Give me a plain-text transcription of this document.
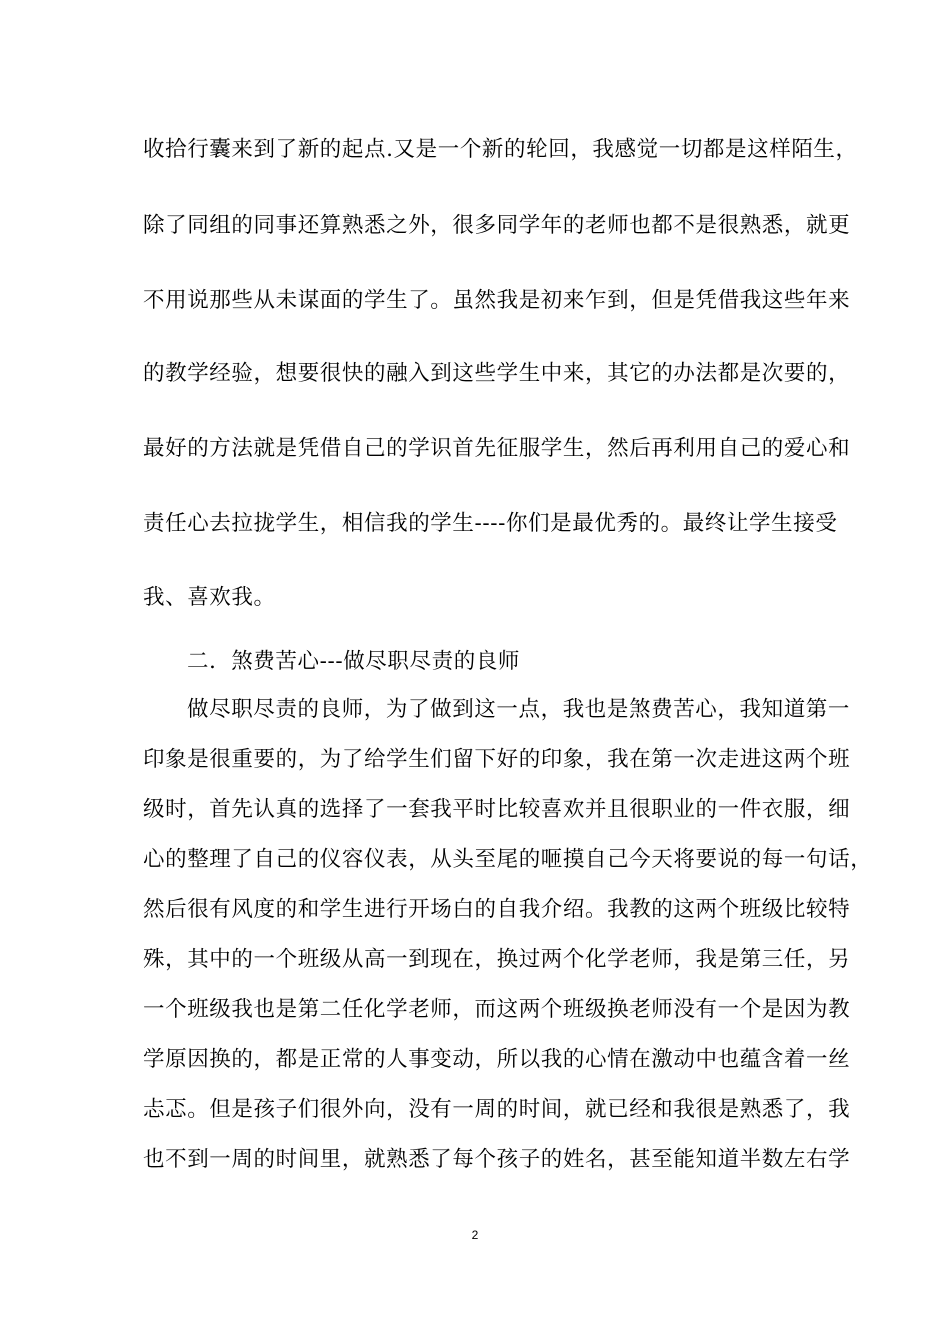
收拾行囊来到了新的起点.又是一个新的轮回，我感觉一切都是这样陌生，
除了同组的同事还算熟悉之外，很多同学年的老师也都不是很熟悉，就更
不用说那些从未谋面的学生了。虽然我是初来乍到，但是凭借我这些年来
的教学经验，想要很快的融入到这些学生中来，其它的办法都是次要的，
最好的方法就是凭借自己的学识首先征服学生，然后再利用自己的爱心和
责任心去拉拢学生，相信我的学生----你们是最优秀的。最终让学生接受
我、喜欢我。
二．煞费苦心---做尽职尽责的良师
做尽职尽责的良师，为了做到这一点，我也是煞费苦心，我知道第一
印象是很重要的，为了给学生们留下好的印象，我在第一次走进这两个班
级时，首先认真的选择了一套我平时比较喜欢并且很职业的一件衣服，细
心的整理了自己的仪容仪表，从头至尾的咂摸自己今天将要说的每一句话，
然后很有风度的和学生进行开场白的自我介绍。我教的这两个班级比较特
殊，其中的一个班级从高一到现在，换过两个化学老师，我是第三任，另
一个班级我也是第二任化学老师，而这两个班级换老师没有一个是因为教
学原因换的，都是正常的人事变动，所以我的心情在激动中也蕴含着一丝
忐忑。但是孩子们很外向，没有一周的时间，就已经和我很是熟悉了，我
也不到一周的时间里，就熟悉了每个孩子的姓名，甚至能知道半数左右学
2
